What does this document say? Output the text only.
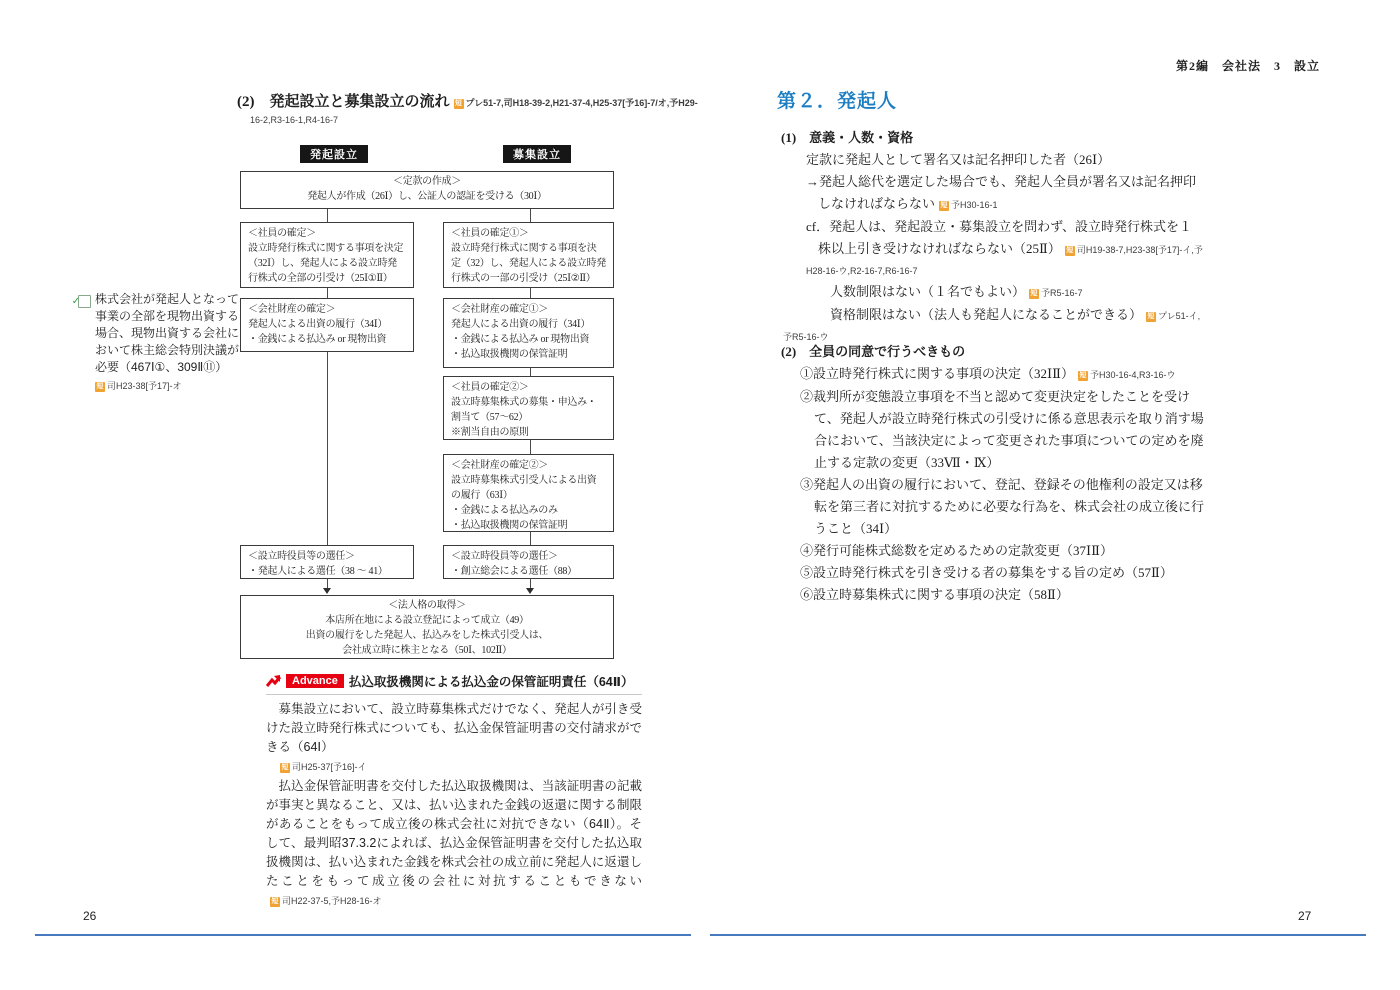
(2)　発起設立と募集設立の流れ 短 プレ51-7,司H18-39-2,H21-37-4,H25-37[予16]-7/オ,予H29-
16-2,R3-16-1,R4-16-7
発起設立	募集設立
＜定款の作成＞
発起人が作成（26Ⅰ）し、公証人の認証を受ける（30Ⅰ）
＜社員の確定＞
設立時発行株式に関する事項を決定（32Ⅰ）し、発起人による設立時発行株式の全部の引受け（25Ⅰ①Ⅱ）
＜社員の確定①＞
設立時発行株式に関する事項を決定（32）し、発起人による設立時発行株式の一部の引受け（25Ⅰ②Ⅱ）
＜会社財産の確定＞
発起人による出資の履行（34Ⅰ）
・金銭による払込み or 現物出資
＜会社財産の確定①＞
発起人による出資の履行（34Ⅰ）
・金銭による払込み or 現物出資
・払込取扱機関の保管証明
＜社員の確定②＞
設立時募集株式の募集・申込み・割当て（57～62）
※割当自由の原則
＜会社財産の確定②＞
設立時募集株式引受人による出資の履行（63Ⅰ）
・金銭による払込みのみ
・払込取扱機関の保管証明
＜設立時役員等の選任＞
・発起人による選任（38 ～ 41）
＜設立時役員等の選任＞
・創立総会による選任（88）
＜法人格の取得＞
本店所在地による設立登記によって成立（49）
出資の履行をした発起人、払込みをした株式引受人は、
会社成立時に株主となる（50Ⅰ、102Ⅱ）
✓ 株式会社が発起人となって事業の全部を現物出資する場合、現物出資する会社において株主総会特別決議が必要（467Ⅰ①、309Ⅱ⑪）
短 司H23-38[予17]-オ
Advance 払込取扱機関による払込金の保管証明責任（64Ⅱ）
　募集設立において、設立時募集株式だけでなく、発起人が引き受けた設立時発行株式についても、払込金保管証明書の交付請求ができる（64Ⅰ）
短 司H25-37[予16]-イ
　払込金保管証明書を交付した払込取扱機関は、当該証明書の記載が事実と異なること、又は、払い込まれた金銭の返還に関する制限があることをもって成立後の株式会社に対抗できない（64Ⅱ）。そして、最判昭37.3.2によれば、払込金保管証明書を交付した払込取扱機関は、払い込まれた金銭を株式会社の成立前に発起人に返還したことをもって成立後の会社に対抗することもできない短 司H22-37-5,予H28-16-オ
26
第2編　会社法　3　設立
第２．発起人
(1)　意義・人数・資格
定款に発起人として署名又は記名押印した者（26Ⅰ）
→発起人総代を選定した場合でも、発起人全員が署名又は記名押印
しなければならない 短 予H30-16-1
cf．発起人は、発起設立・募集設立を問わず、設立時発行株式を１
株以上引き受けなければならない（25Ⅱ） 短 司H19-38-7,H23-38[予17]-イ,予
H28-16-ウ,R2-16-7,R6-16-7
人数制限はない（１名でもよい） 短 予R5-16-7
資格制限はない（法人も発起人になることができる） 短 プレ51-イ,
予R5-16-ウ
(2)　全員の同意で行うべきもの
①設立時発行株式に関する事項の決定（32ⅠⅡ） 短 予H30-16-4,R3-16-ウ
②裁判所が変態設立事項を不当と認めて変更決定をしたことを受け
て、発起人が設立時発行株式の引受けに係る意思表示を取り消す場
合において、当該決定によって変更された事項についての定めを廃
止する定款の変更（33Ⅶ・Ⅸ）
③発起人の出資の履行において、登記、登録その他権利の設定又は移
転を第三者に対抗するために必要な行為を、株式会社の成立後に行
うこと（34Ⅰ）
④発行可能株式総数を定めるための定款変更（37ⅠⅡ）
⑤設立時発行株式を引き受ける者の募集をする旨の定め（57Ⅱ）
⑥設立時募集株式に関する事項の決定（58Ⅱ）
27
